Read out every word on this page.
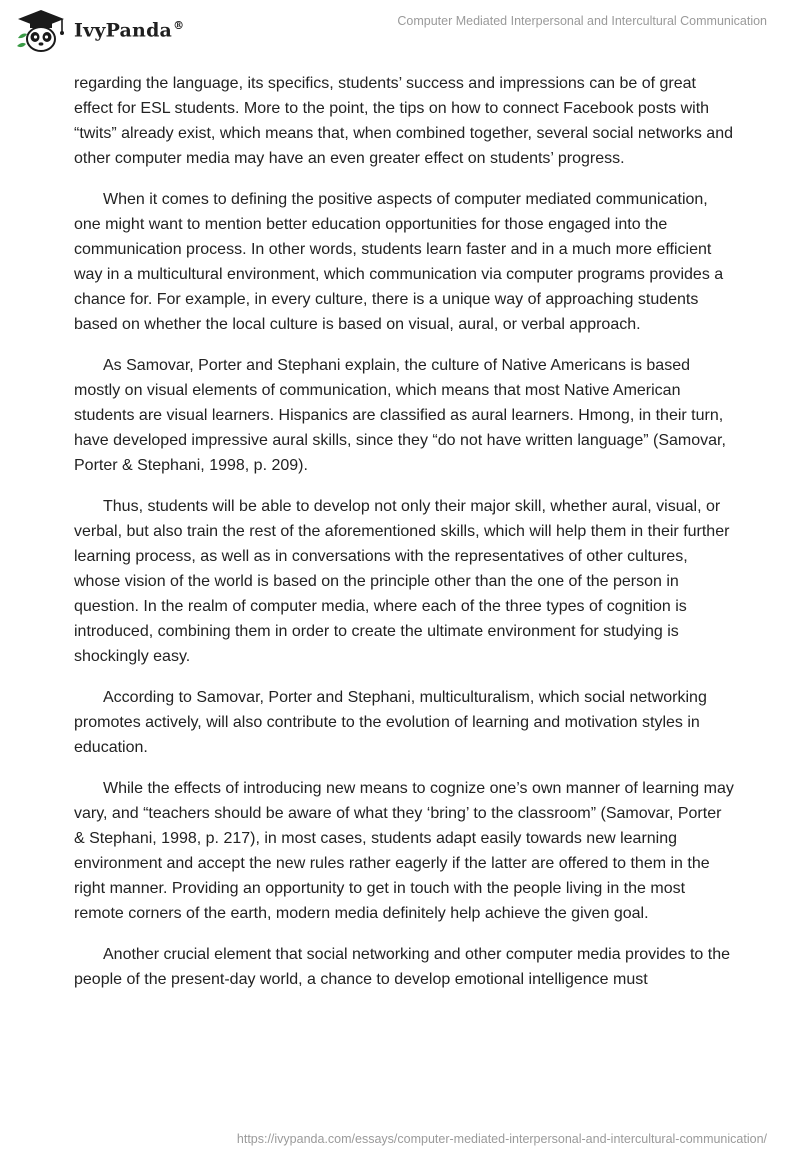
IvyPanda®	Computer Mediated Interpersonal and Intercultural Communication

regarding the language, its specifics, students’ success and impressions can be of great effect for ESL students. More to the point, the tips on how to connect Facebook posts with “twits” already exist, which means that, when combined together, several social networks and other computer media may have an even greater effect on students’ progress.

When it comes to defining the positive aspects of computer mediated communication, one might want to mention better education opportunities for those engaged into the communication process. In other words, students learn faster and in a much more efficient way in a multicultural environment, which communication via computer programs provides a chance for. For example, in every culture, there is a unique way of approaching students based on whether the local culture is based on visual, aural, or verbal approach.

As Samovar, Porter and Stephani explain, the culture of Native Americans is based mostly on visual elements of communication, which means that most Native American students are visual learners. Hispanics are classified as aural learners. Hmong, in their turn, have developed impressive aural skills, since they “do not have written language” (Samovar, Porter & Stephani, 1998, p. 209).

Thus, students will be able to develop not only their major skill, whether aural, visual, or verbal, but also train the rest of the aforementioned skills, which will help them in their further learning process, as well as in conversations with the representatives of other cultures, whose vision of the world is based on the principle other than the one of the person in question. In the realm of computer media, where each of the three types of cognition is introduced, combining them in order to create the ultimate environment for studying is shockingly easy.

According to Samovar, Porter and Stephani, multiculturalism, which social networking promotes actively, will also contribute to the evolution of learning and motivation styles in education.

While the effects of introducing new means to cognize one’s own manner of learning may vary, and “teachers should be aware of what they ‘bring’ to the classroom” (Samovar, Porter & Stephani, 1998, p. 217), in most cases, students adapt easily towards new learning environment and accept the new rules rather eagerly if the latter are offered to them in the right manner. Providing an opportunity to get in touch with the people living in the most remote corners of the earth, modern media definitely help achieve the given goal.

Another crucial element that social networking and other computer media provides to the people of the present-day world, a chance to develop emotional intelligence must

https://ivypanda.com/essays/computer-mediated-interpersonal-and-intercultural-communication/
